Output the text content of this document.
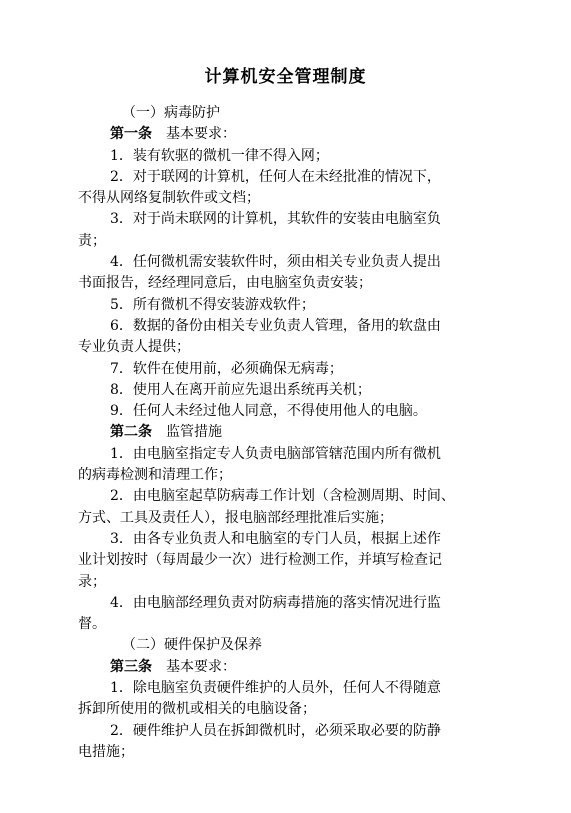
计算机安全管理制度
（一）病毒防护
第一条 基本要求：
1．装有软驱的微机一律不得入网；
2．对于联网的计算机，任何人在未经批准的情况下，
不得从网络复制软件或文档；
3．对于尚未联网的计算机，其软件的安装由电脑室负
责；
4．任何微机需安装软件时，须由相关专业负责人提出
书面报告，经经理同意后，由电脑室负责安装；
5．所有微机不得安装游戏软件；
6．数据的备份由相关专业负责人管理，备用的软盘由
专业负责人提供；
7．软件在使用前，必须确保无病毒；
8．使用人在离开前应先退出系统再关机；
9．任何人未经过他人同意，不得使用他人的电脑。
第二条 监管措施
1．由电脑室指定专人负责电脑部管辖范围内所有微机
的病毒检测和清理工作；
2．由电脑室起草防病毒工作计划（含检测周期、时间、
方式、工具及责任人），报电脑部经理批准后实施；
3．由各专业负责人和电脑室的专门人员，根据上述作
业计划按时（每周最少一次）进行检测工作，并填写检查记
录；
4．由电脑部经理负责对防病毒措施的落实情况进行监
督。
（二）硬件保护及保养
第三条 基本要求：
1．除电脑室负责硬件维护的人员外，任何人不得随意
拆卸所使用的微机或相关的电脑设备；
2．硬件维护人员在拆卸微机时，必须采取必要的防静
电措施；
